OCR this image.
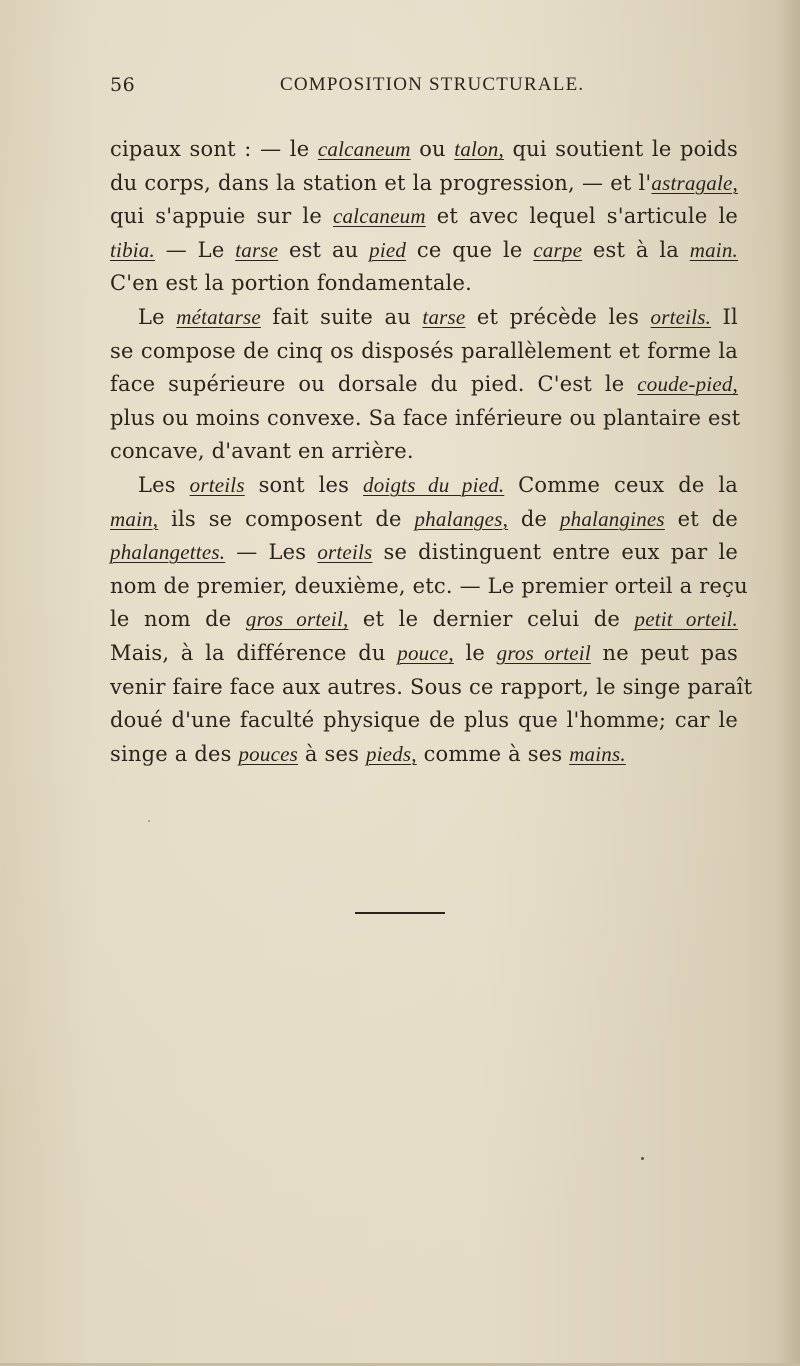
56	COMPOSITION STRUCTURALE.
cipaux sont : — le calcaneum ou talon, qui soutient le poids
du corps, dans la station et la progression, — et l'astragale,
qui s'appuie sur le calcaneum et avec lequel s'articule le
tibia. — Le tarse est au pied ce que le carpe est à la main.
C'en est la portion fondamentale.
Le métatarse fait suite au tarse et précède les orteils. Il
se compose de cinq os disposés parallèlement et forme la
face supérieure ou dorsale du pied. C'est le coude-pied,
plus ou moins convexe. Sa face inférieure ou plantaire est
concave, d'avant en arrière.
Les orteils sont les doigts du pied. Comme ceux de la
main, ils se composent de phalanges, de phalangines et de
phalangettes. — Les orteils se distinguent entre eux par le
nom de premier, deuxième, etc. — Le premier orteil a reçu
le nom de gros orteil, et le dernier celui de petit orteil.
Mais, à la différence du pouce, le gros orteil ne peut pas
venir faire face aux autres. Sous ce rapport, le singe paraît
doué d'une faculté physique de plus que l'homme; car le
singe a des pouces à ses pieds, comme à ses mains.
